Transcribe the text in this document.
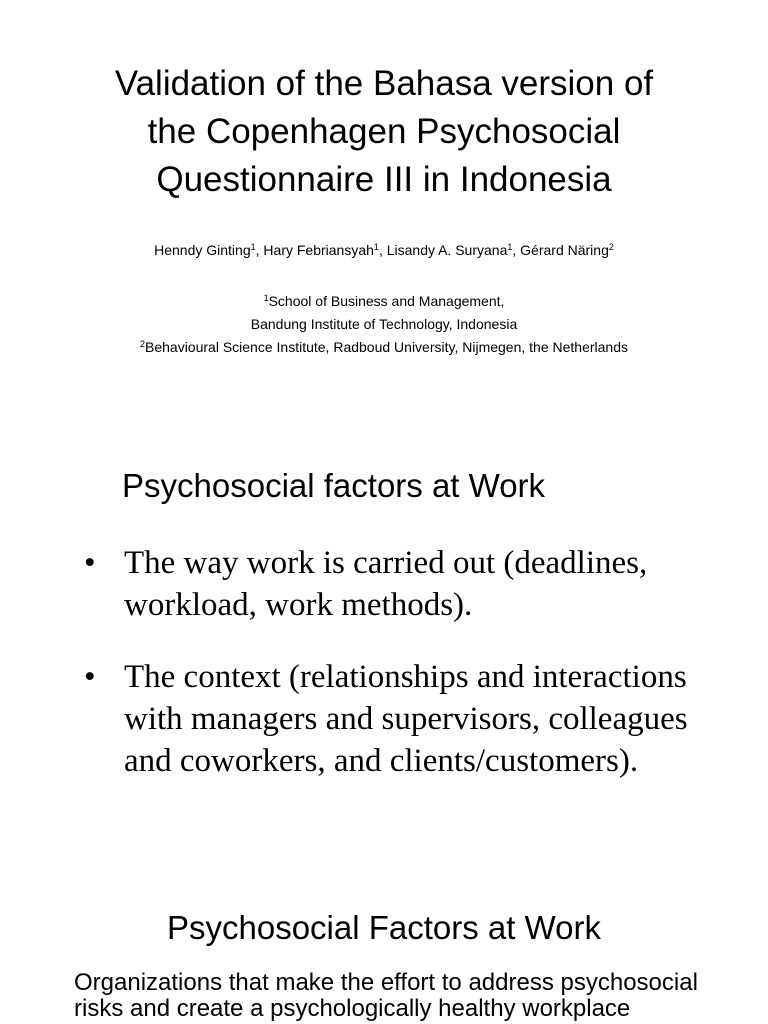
Validation of the Bahasa version of
the Copenhagen Psychosocial
Questionnaire III in Indonesia
Henndy Ginting$^1$, Hary Febriansyah$^1$, Lisandy A. Suryana$^1$, Gérard Näring$^2$
$^1$School of Business and Management,
Bandung Institute of Technology, Indonesia
$^2$Behavioural Science Institute, Radboud University, Nijmegen, the Netherlands
Psychosocial factors at Work
• The way work is carried out (deadlines, workload, work methods).
• The context (relationships and interactions with managers and supervisors, colleagues and coworkers, and clients/customers).
Psychosocial Factors at Work

Organizations that make the effort to address psychosocial risks and create a psychologically healthy workplace
